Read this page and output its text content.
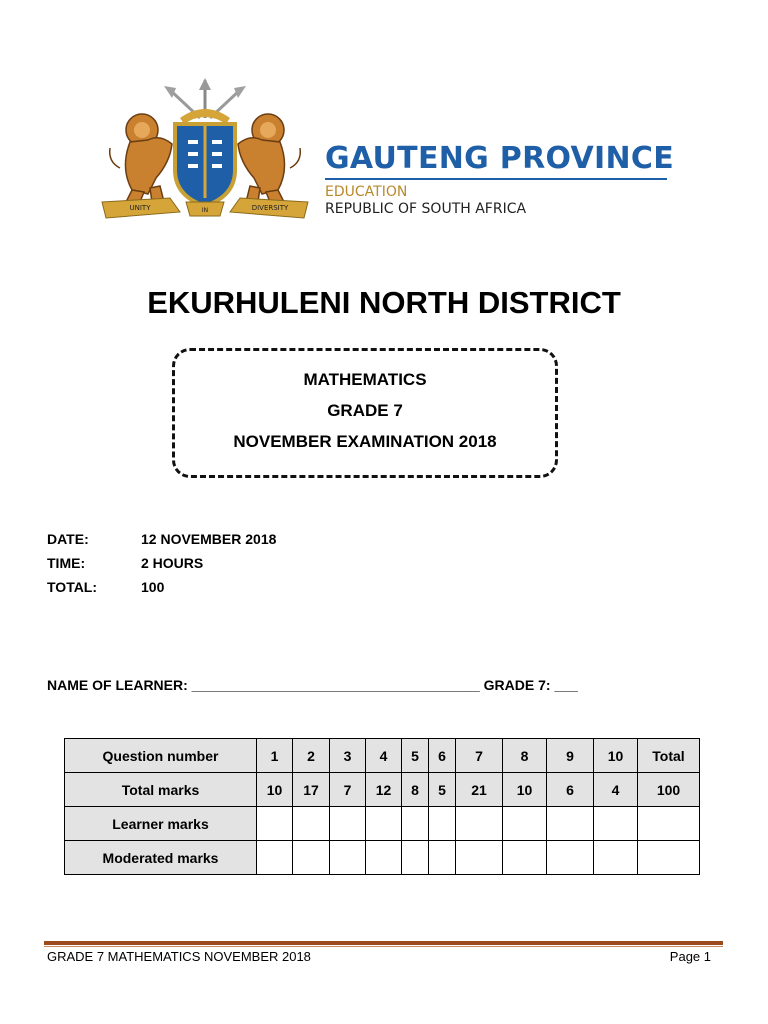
UNITY	IN	DIVERSITY
GAUTENG PROVINCE
EDUCATION
REPUBLIC OF SOUTH AFRICA
EKURHULENI NORTH DISTRICT
MATHEMATICS
GRADE 7
NOVEMBER EXAMINATION 2018
DATE:	12 NOVEMBER 2018
TIME:	2 HOURS
TOTAL:	100
NAME OF LEARNER: _____________________________________ GRADE 7: ___
Question number	1	2	3	4	5	6	7	8	9	10	Total
Total marks	10	17	7	12	8	5	21	10	6	4	100
Learner marks											
Moderated marks											
GRADE 7 MATHEMATICS NOVEMBER 2018	Page 1
